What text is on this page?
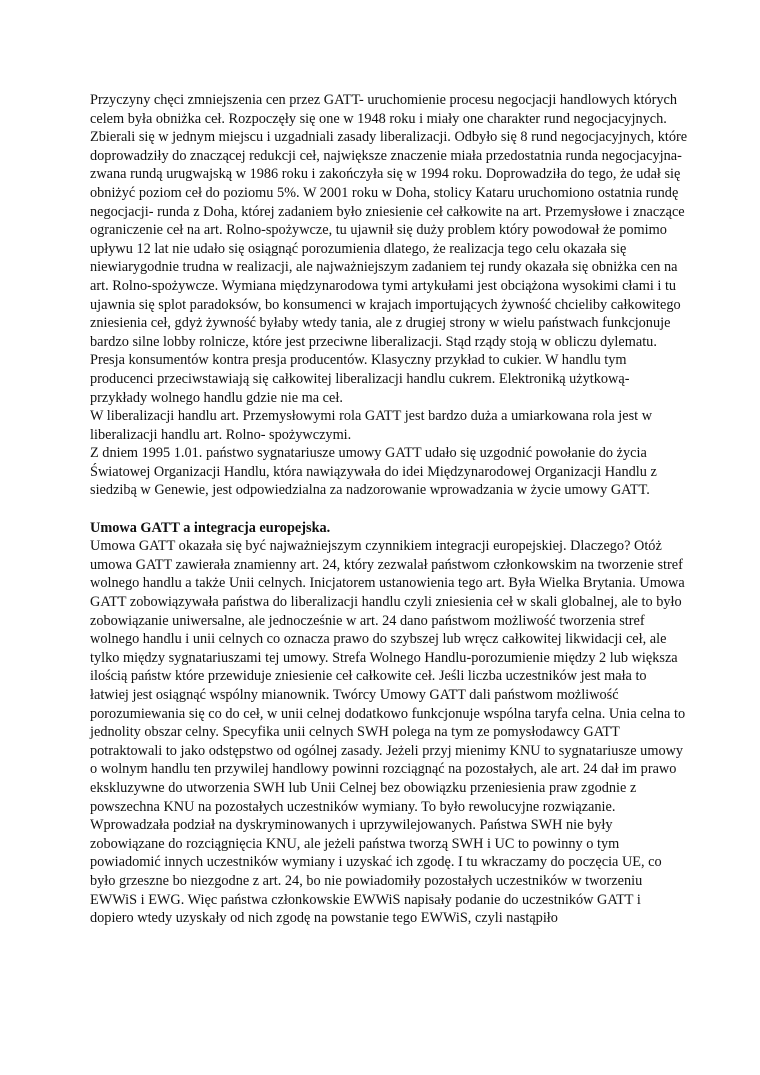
Przyczyny chęci zmniejszenia cen przez GATT- uruchomienie procesu negocjacji handlowych których celem była obniżka ceł. Rozpoczęły się one w 1948 roku i miały one charakter rund negocjacyjnych. Zbierali się w jednym miejscu i uzgadniali zasady liberalizacji. Odbyło się 8 rund negocjacyjnych, które doprowadziły do znaczącej redukcji ceł, największe znaczenie miała przedostatnia runda negocjacyjna-zwana rundą urugwajską w 1986 roku i zakończyła się w 1994 roku. Doprowadziła do tego, że udał się obniżyć poziom ceł do poziomu 5%. W 2001 roku w Doha, stolicy Kataru uruchomiono ostatnia rundę negocjacji- runda z Doha, której zadaniem było zniesienie ceł całkowite na art. Przemysłowe i znaczące ograniczenie ceł na art. Rolno-spożywcze, tu ujawnił się duży problem który powodował że pomimo upływu 12 lat nie udało się osiągnąć porozumienia dlatego, że realizacja tego celu okazała się niewiarygodnie trudna w realizacji, ale najważniejszym zadaniem tej rundy okazała się obniżka cen na art. Rolno-spożywcze. Wymiana międzynarodowa tymi artykułami jest obciążona wysokimi cłami i tu ujawnia się splot paradoksów, bo konsumenci w krajach importujących żywność chcieliby całkowitego zniesienia ceł, gdyż żywność byłaby wtedy tania, ale z drugiej strony w wielu państwach funkcjonuje bardzo silne lobby rolnicze, które jest przeciwne liberalizacji. Stąd rządy stoją w obliczu dylematu. Presja konsumentów kontra presja producentów. Klasyczny przykład to cukier. W handlu tym producenci przeciwstawiają się całkowitej liberalizacji handlu cukrem. Elektroniką użytkową- przykłady wolnego handlu gdzie nie ma ceł.

W liberalizacji handlu art. Przemysłowymi rola GATT jest bardzo duża a umiarkowana rola jest w liberalizacji handlu art. Rolno- spożywczymi.

Z dniem 1995 1.01. państwo sygnatariusze umowy GATT udało się uzgodnić powołanie do życia Światowej Organizacji Handlu, która nawiązywała do idei Międzynarodowej Organizacji Handlu z siedzibą w Genewie, jest odpowiedzialna za nadzorowanie wprowadzania w życie umowy GATT.

Umowa GATT a integracja europejska.

Umowa GATT okazała się być najważniejszym czynnikiem integracji europejskiej. Dlaczego? Otóż umowa GATT zawierała znamienny art. 24, który zezwalał państwom członkowskim na tworzenie stref wolnego handlu a także Unii celnych. Inicjatorem ustanowienia tego art. Była Wielka Brytania. Umowa GATT zobowiązywała państwa do liberalizacji handlu czyli zniesienia ceł w skali globalnej, ale to było zobowiązanie uniwersalne, ale jednocześnie w art. 24 dano państwom możliwość tworzenia stref wolnego handlu i unii celnych co oznacza prawo do szybszej lub wręcz całkowitej likwidacji ceł, ale tylko między sygnatariuszami tej umowy. Strefa Wolnego Handlu-porozumienie między 2 lub większa ilością państw które przewiduje zniesienie ceł całkowite ceł. Jeśli liczba uczestników jest mała to łatwiej jest osiągnąć wspólny mianownik. Twórcy Umowy GATT dali państwom możliwość porozumiewania się co do ceł, w unii celnej dodatkowo funkcjonuje wspólna taryfa celna. Unia celna to jednolity obszar celny. Specyfika unii celnych SWH polega na tym ze pomysłodawcy GATT potraktowali to jako odstępstwo od ogólnej zasady. Jeżeli przyj mienimy KNU to sygnatariusze umowy o wolnym handlu ten przywilej handlowy powinni rozciągnąć na pozostałych, ale art. 24 dał im prawo ekskluzywne do utworzenia SWH lub Unii Celnej bez obowiązku przeniesienia praw zgodnie z powszechna KNU na pozostałych uczestników wymiany. To było rewolucyjne rozwiązanie. Wprowadzała podział na dyskryminowanych i uprzywilejowanych. Państwa SWH nie były zobowiązane do rozciągnięcia KNU, ale jeżeli państwa tworzą SWH i UC to powinny o tym powiadomić innych uczestników wymiany i uzyskać ich zgodę. I tu wkraczamy do poczęcia UE, co było grzeszne bo niezgodne z art. 24, bo nie powiadomiły pozostałych uczestników w tworzeniu EWWiS i EWG. Więc państwa członkowskie EWWiS napisały podanie do uczestników GATT i dopiero wtedy uzyskały od nich zgodę na powstanie tego EWWiS, czyli nastąpiło
